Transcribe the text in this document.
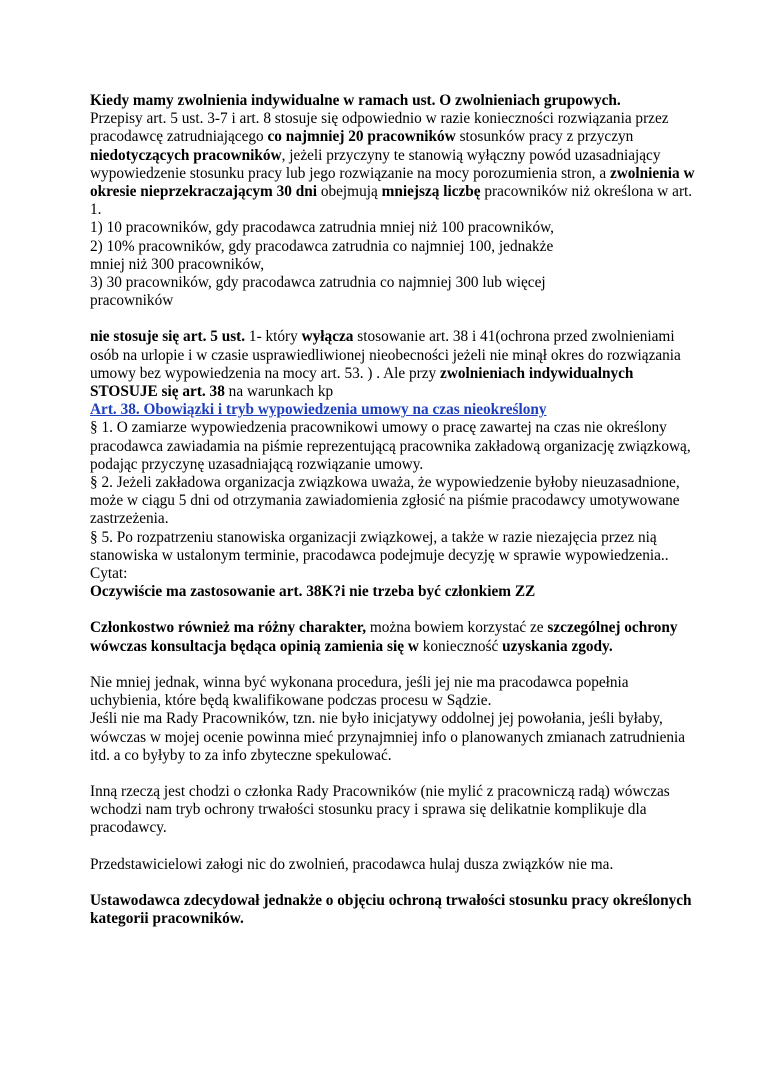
Kiedy mamy zwolnienia indywidualne w ramach ust. O zwolnieniach grupowych.

Przepisy art. 5 ust. 3-7 i art. 8 stosuje się odpowiednio w razie konieczności rozwiązania przez pracodawcę zatrudniającego co najmniej 20 pracowników stosunków pracy z przyczyn niedotyczących pracowników, jeżeli przyczyny te stanowią wyłączny powód uzasadniający wypowiedzenie stosunku pracy lub jego rozwiązanie na mocy porozumienia stron, a zwolnienia w okresie nieprzekraczającym 30 dni obejmują mniejszą liczbę pracowników niż określona w art. 1.

1) 10 pracowników, gdy pracodawca zatrudnia mniej niż 100 pracowników,

2) 10% pracowników, gdy pracodawca zatrudnia co najmniej 100, jednakże
mniej niż 300 pracowników,

3) 30 pracowników, gdy pracodawca zatrudnia co najmniej 300 lub więcej
pracowników

nie stosuje się art. 5 ust. 1- który wyłącza stosowanie art. 38 i 41(ochrona przed zwolnieniami osób na urlopie i w czasie usprawiedliwionej nieobecności jeżeli nie minął okres do rozwiązania umowy bez wypowiedzenia na mocy art. 53. ) . Ale przy zwolnieniach indywidualnych STOSUJE się art. 38 na warunkach kp

Art. 38. Obowiązki i tryb wypowiedzenia umowy na czas nieokreślony

§ 1. O zamiarze wypowiedzenia pracownikowi umowy o pracę zawartej na czas nie określony pracodawca zawiadamia na piśmie reprezentującą pracownika zakładową organizację związkową, podając przyczynę uzasadniającą rozwiązanie umowy.

§ 2. Jeżeli zakładowa organizacja związkowa uważa, że wypowiedzenie byłoby nieuzasadnione, może w ciągu 5 dni od otrzymania zawiadomienia zgłosić na piśmie pracodawcy umotywowane zastrzeżenia.

§ 5. Po rozpatrzeniu stanowiska organizacji związkowej, a także w razie niezajęcia przez nią stanowiska w ustalonym terminie, pracodawca podejmuje decyzję w sprawie wypowiedzenia..

Cytat:

Oczywiście ma zastosowanie art. 38K?i nie trzeba być członkiem ZZ

Członkostwo również ma różny charakter, można bowiem korzystać ze szczególnej ochrony wówczas konsultacja będąca opinią zamienia się w konieczność uzyskania zgody.

Nie mniej jednak, winna być wykonana procedura, jeśli jej nie ma pracodawca popełnia uchybienia, które będą kwalifikowane podczas procesu w Sądzie.

Jeśli nie ma Rady Pracowników, tzn. nie było inicjatywy oddolnej jej powołania, jeśli byłaby, wówczas w mojej ocenie powinna mieć przynajmniej info o planowanych zmianach zatrudnienia itd. a co byłyby to za info zbyteczne spekulować.

Inną rzeczą jest chodzi o członka Rady Pracowników (nie mylić z pracowniczą radą) wówczas wchodzi nam tryb ochrony trwałości stosunku pracy i sprawa się delikatnie komplikuje dla pracodawcy.

Przedstawicielowi załogi nic do zwolnień, pracodawca hulaj dusza związków nie ma.

Ustawodawca zdecydował jednakże o objęciu ochroną trwałości stosunku pracy określonych kategorii pracowników.
